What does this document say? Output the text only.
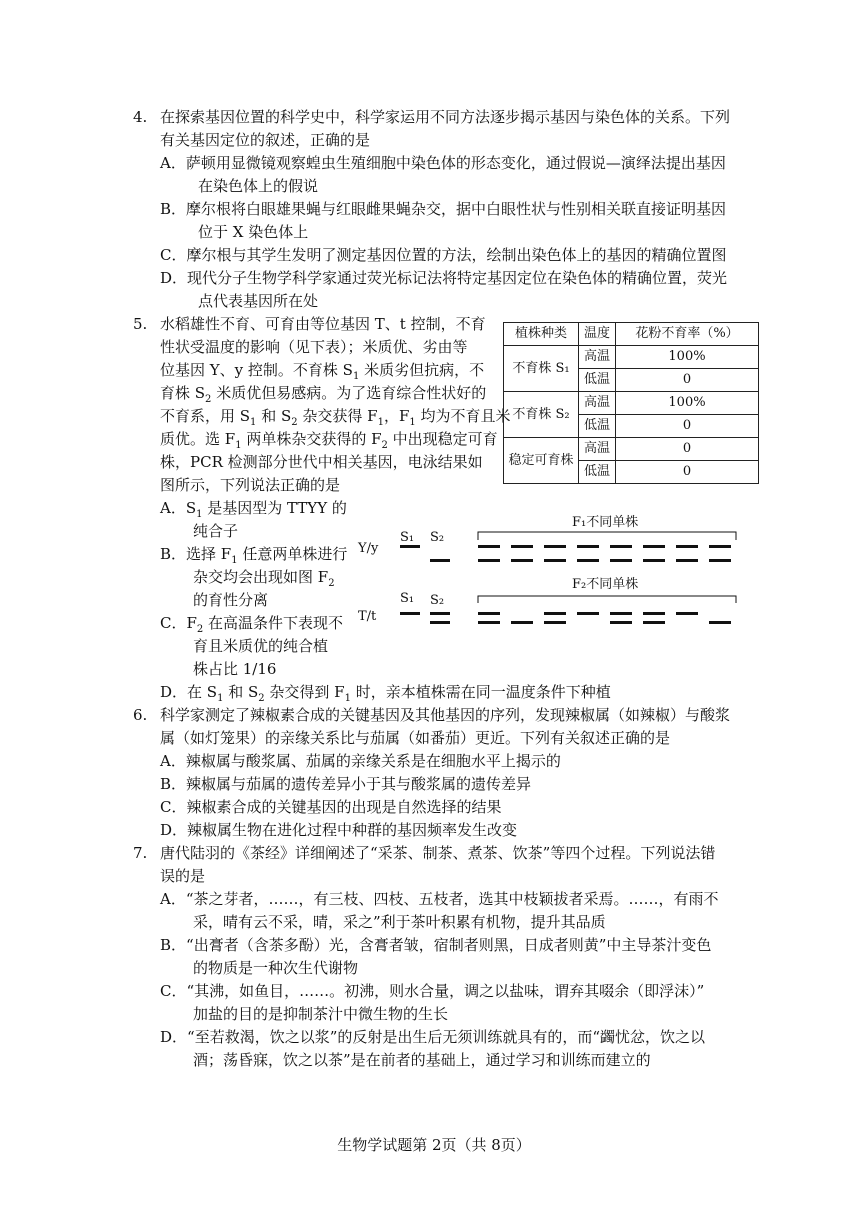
4. 在探索基因位置的科学史中，科学家运用不同方法逐步揭示基因与染色体的关系。下列
有关基因定位的叙述，正确的是
A．萨顿用显微镜观察蝗虫生殖细胞中染色体的形态变化，通过假说—演绎法提出基因
在染色体上的假说
B．摩尔根将白眼雄果蝇与红眼雌果蝇杂交，据中白眼性状与性别相关联直接证明基因
位于 X 染色体上
C．摩尔根与其学生发明了测定基因位置的方法，绘制出染色体上的基因的精确位置图
D．现代分子生物学科学家通过荧光标记法将特定基因定位在染色体的精确位置，荧光
点代表基因所在处
5. 水稻雄性不育、可育由等位基因 T、t 控制，不育
性状受温度的影响（见下表）；米质优、劣由等
位基因 Y、y 控制。不育株 $S_1$ 米质劣但抗病，不
育株 $S_2$ 米质优但易感病。为了选育综合性状好的
不育系，用 $S_1$ 和 $S_2$ 杂交获得 $F_1$，$F_1$ 均为不育且米
质优。选 $F_1$ 两单株杂交获得的 $F_2$ 中出现稳定可育
株，PCR 检测部分世代中相关基因，电泳结果如
图所示，下列说法正确的是
A．$S_1$ 是基因型为 TTYY 的
纯合子
B．选择 $F_1$ 任意两单株进行
杂交均会出现如图 $F_2$
的育性分离
C．$F_2$ 在高温条件下表现不
育且米质优的纯合植
株占比 1/16
D．在 $S_1$ 和 $S_2$ 杂交得到 $F_1$ 时，亲本植株需在同一温度条件下种植
植株种类	温度	花粉不育率（%）
不育株 S₁	高温	100%
	低温	0
不育株 S₂	高温	100%
	低温	0
稳定可育株	高温	0
	低温	0
Y/y
T/t
S₁ S₂
S₁ S₂
F₁不同单株
F₂不同单株
6. 科学家测定了辣椒素合成的关键基因及其他基因的序列，发现辣椒属（如辣椒）与酸浆
属（如灯笼果）的亲缘关系比与茄属（如番茄）更近。下列有关叙述正确的是
A．辣椒属与酸浆属、茄属的亲缘关系是在细胞水平上揭示的
B．辣椒属与茄属的遗传差异小于其与酸浆属的遗传差异
C．辣椒素合成的关键基因的出现是自然选择的结果
D．辣椒属生物在进化过程中种群的基因频率发生改变
7. 唐代陆羽的《茶经》详细阐述了“采茶、制茶、煮茶、饮茶”等四个过程。下列说法错
误的是
A．“茶之芽者，……，有三枝、四枝、五枝者，选其中枝颖拔者采焉。……，有雨不
采，晴有云不采，晴，采之”利于茶叶积累有机物，提升其品质
B．“出膏者（含茶多酚）光，含膏者皱，宿制者则黑，日成者则黄”中主导茶汁变色
的物质是一种次生代谢物
C．“其沸，如鱼目，……。初沸，则水合量，调之以盐味，谓弃其啜余（即浮沫）”
加盐的目的是抑制茶汁中微生物的生长
D．“至若救渴，饮之以浆”的反射是出生后无须训练就具有的，而“蠲忧忿，饮之以
酒；荡昏寐，饮之以茶”是在前者的基础上，通过学习和训练而建立的
生物学试题第 2页（共 8页）
